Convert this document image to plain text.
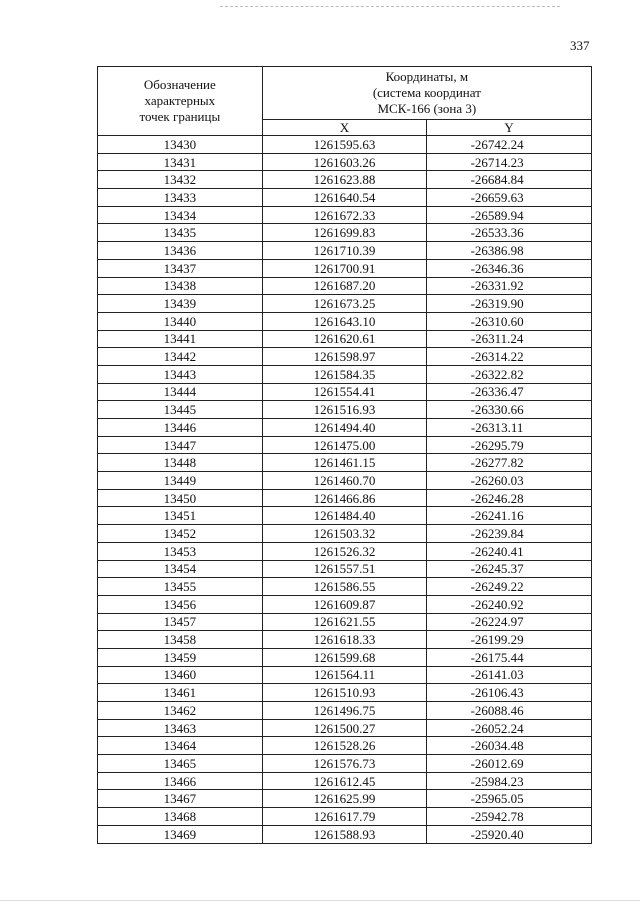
337
Обозначение
характерных
точек границы	Координаты, м
(система координат
МСК-166 (зона 3)	

	X	Y
13430	1261595.63	-26742.24
13431	1261603.26	-26714.23
13432	1261623.88	-26684.84
13433	1261640.54	-26659.63
13434	1261672.33	-26589.94
13435	1261699.83	-26533.36
13436	1261710.39	-26386.98
13437	1261700.91	-26346.36
13438	1261687.20	-26331.92
13439	1261673.25	-26319.90
13440	1261643.10	-26310.60
13441	1261620.61	-26311.24
13442	1261598.97	-26314.22
13443	1261584.35	-26322.82
13444	1261554.41	-26336.47
13445	1261516.93	-26330.66
13446	1261494.40	-26313.11
13447	1261475.00	-26295.79
13448	1261461.15	-26277.82
13449	1261460.70	-26260.03
13450	1261466.86	-26246.28
13451	1261484.40	-26241.16
13452	1261503.32	-26239.84
13453	1261526.32	-26240.41
13454	1261557.51	-26245.37
13455	1261586.55	-26249.22
13456	1261609.87	-26240.92
13457	1261621.55	-26224.97
13458	1261618.33	-26199.29
13459	1261599.68	-26175.44
13460	1261564.11	-26141.03
13461	1261510.93	-26106.43
13462	1261496.75	-26088.46
13463	1261500.27	-26052.24
13464	1261528.26	-26034.48
13465	1261576.73	-26012.69
13466	1261612.45	-25984.23
13467	1261625.99	-25965.05
13468	1261617.79	-25942.78
13469	1261588.93	-25920.40
